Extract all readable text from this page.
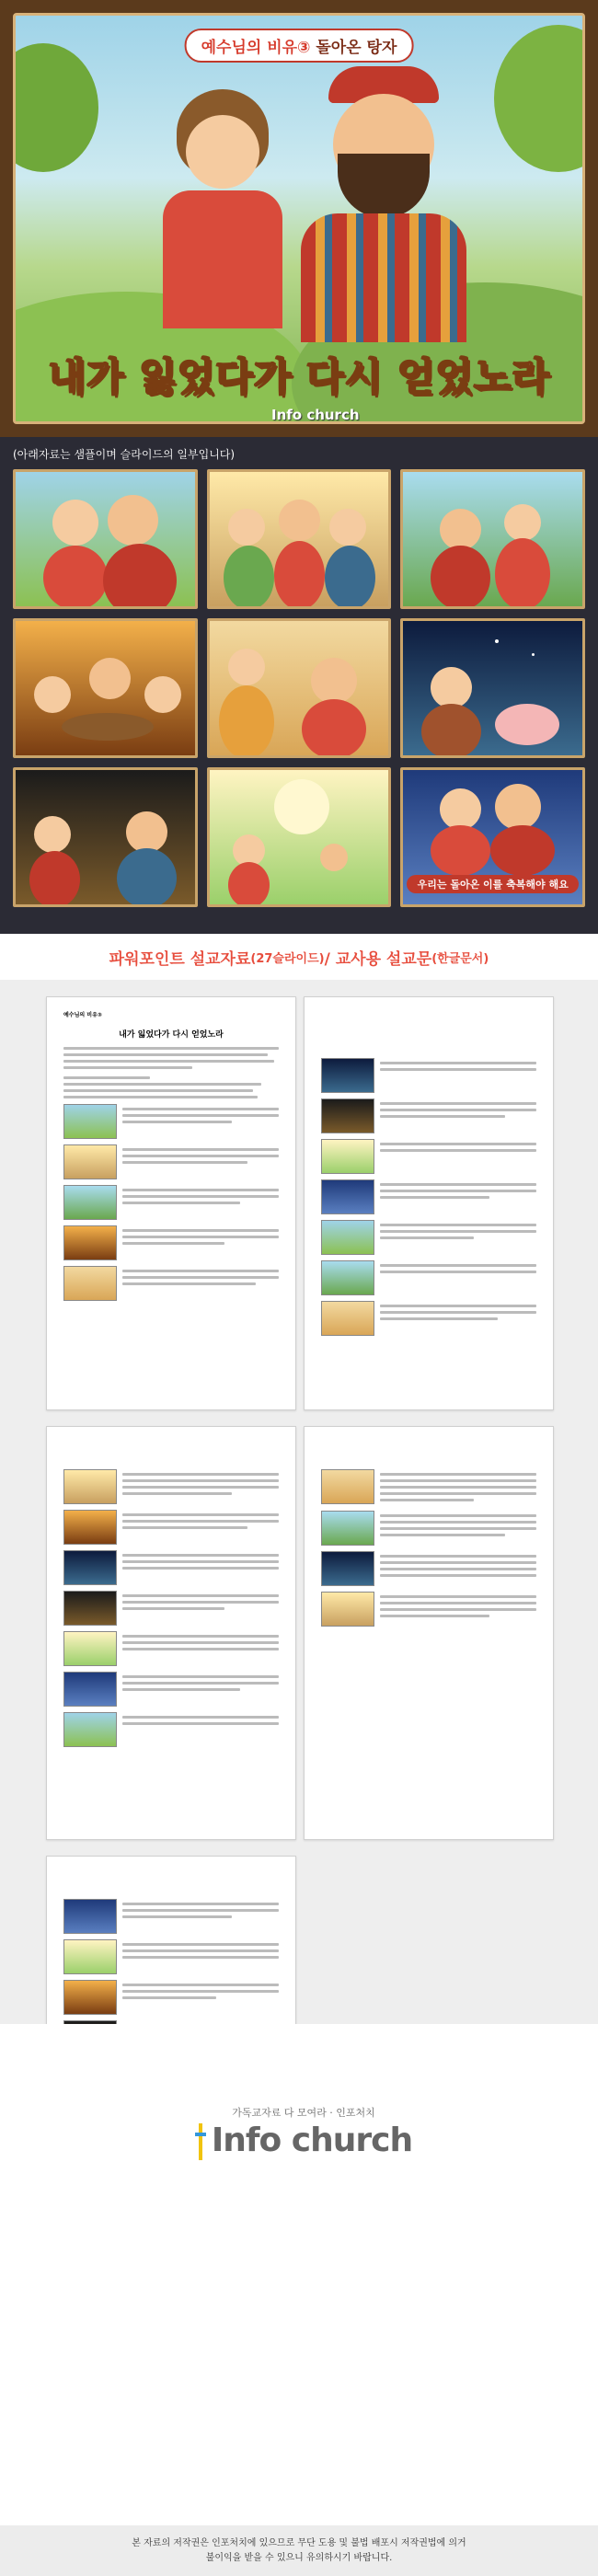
예수님의 비유③ 돌아온 탕자
내가 잃었다가 다시 얻었노라
Info church
(아래자료는 샘플이며 슬라이드의 일부입니다)
우리는 돌아온 이를 축복해야 해요
파워포인트 설교자료 (27슬라이드) / 교사용 설교문 (한글문서)
예수님의 비유③
내가 잃었다가 다시 얻었노라
가독교자료 다 모여라 · 인포처치
Info church
본 자료의 저작권은 인포처치에 있으므로 무단 도용 및 불법 배포시 저작권법에 의거
불이익을 받을 수 있으니 유의하시기 바랍니다.
